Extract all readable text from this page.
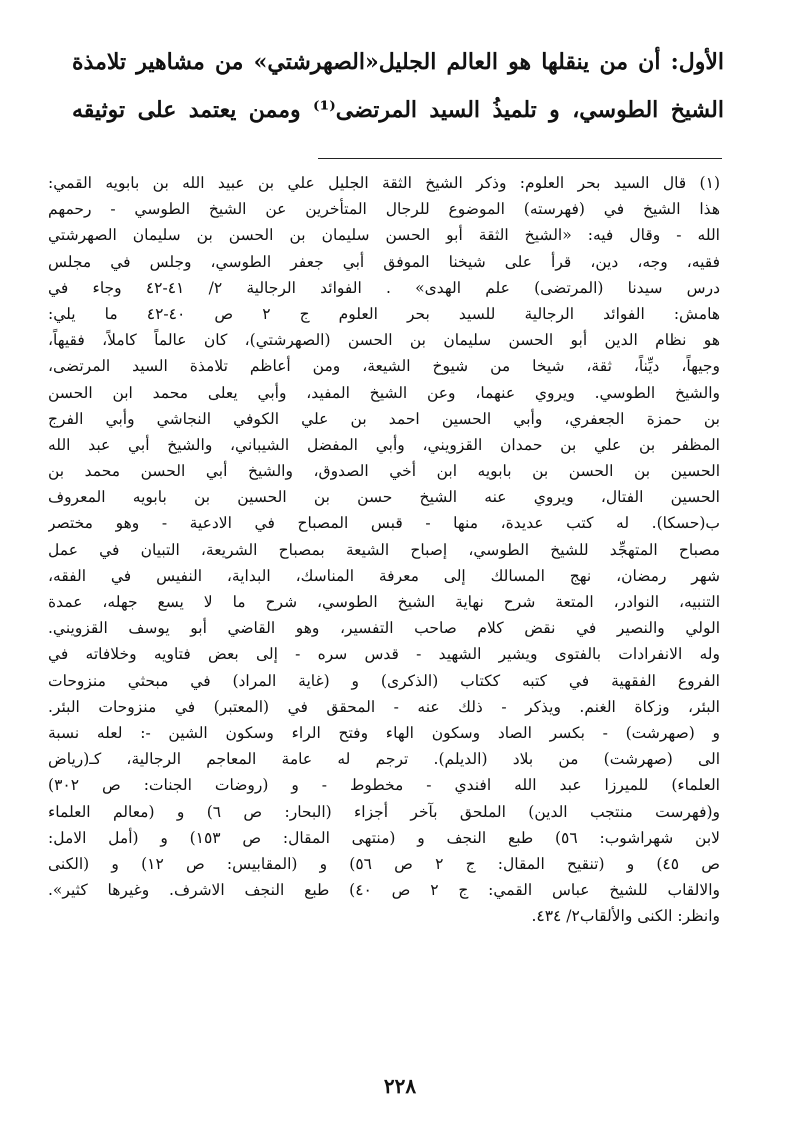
الأول: أن من ينقلها هو العالم الجليل«الصهرشتي» من مشاهير تلامذة
الشيخ الطوسي، و تلميذُ السيد المرتضى⁽¹⁾ وممن يعتمد على توثيقه
(١) قال السيد بحر العلوم: وذكر الشيخ الثقة الجليل علي بن عبيد الله بن بابويه القمي:
هذا الشيخ في (فهرسته) الموضوع للرجال المتأخرين عن الشيخ الطوسي - رحمهم
الله - وقال فيه: «الشيخ الثقة أبو الحسن سليمان بن الحسن بن سليمان الصهرشتي
فقيه، وجه، دين، قرأ على شيخنا الموفق أبي جعفر الطوسي، وجلس في مجلس
درس سيدنا (المرتضى) علم الهدى» . الفوائد الرجالية ٢/ ٤١-٤٢ وجاء في
هامش: الفوائد الرجالية للسيد بحر العلوم ج ٢ ص ٤٠-٤٢ ما يلي:
هو نظام الدين أبو الحسن سليمان بن الحسن (الصهرشتي)، كان عالماً كاملاً، فقيهاً،
وجيهاً، ديِّناً، ثقة، شيخا من شيوخ الشيعة، ومن أعاظم تلامذة السيد المرتضى،
والشيخ الطوسي. ويروي عنهما، وعن الشيخ المفيد، وأبي يعلى محمد ابن الحسن
بن حمزة الجعفري، وأبي الحسين احمد بن علي الكوفي النجاشي وأبي الفرج
المظفر بن علي بن حمدان القزويني، وأبي المفضل الشيباني، والشيخ أبي عبد الله
الحسين بن الحسن بن بابويه ابن أخي الصدوق، والشيخ أبي الحسن محمد بن
الحسين الفتال، ويروي عنه الشيخ حسن بن الحسين بن بابويه المعروف
ب(حسكا). له كتب عديدة، منها - قبس المصباح في الادعية - وهو مختصر
مصباح المتهجِّد للشيخ الطوسي، إصباح الشيعة بمصباح الشريعة، التبيان في عمل
شهر رمضان، نهج المسالك إلى معرفة المناسك، البداية، النفيس في الفقه،
التنبيه، النوادر، المتعة شرح نهاية الشيخ الطوسي، شرح ما لا يسع جهله، عمدة
الولي والنصير في نقض كلام صاحب التفسير، وهو القاضي أبو يوسف القزويني.
وله الانفرادات بالفتوى ويشير الشهيد - قدس سره - إلى بعض فتاويه وخلافاته في
الفروع الفقهية في كتبه ككتاب (الذكرى) و (غاية المراد) في مبحثي منزوحات
البئر، وزكاة الغنم. ويذكر - ذلك عنه - المحقق في (المعتبر) في منزوحات البئر.
و (صهرشت) - بكسر الصاد وسكون الهاء وفتح الراء وسكون الشين -: لعله نسبة
الى (صهرشت) من بلاد (الديلم). ترجم له عامة المعاجم الرجالية، كـ(رياض
العلماء) للميرزا عبد الله افندي - مخطوط - و (روضات الجنات: ص ٣٠٢)
و(فهرست منتجب الدين) الملحق بآخر أجزاء (البحار: ص ٦) و (معالم العلماء
لابن شهراشوب: ٥٦) طبع النجف و (منتهى المقال: ص ١٥٣) و (أمل الامل:
ص ٤٥) و (تنقيح المقال: ج ٢ ص ٥٦) و (المقابيس: ص ١٢) و (الكنى
والالقاب للشيخ عباس القمي: ج ٢ ص ٤٠) طبع النجف الاشرف. وغيرها كثير».
وانظر: الكنى والألقاب٢/ ٤٣٤.
٢٢٨
